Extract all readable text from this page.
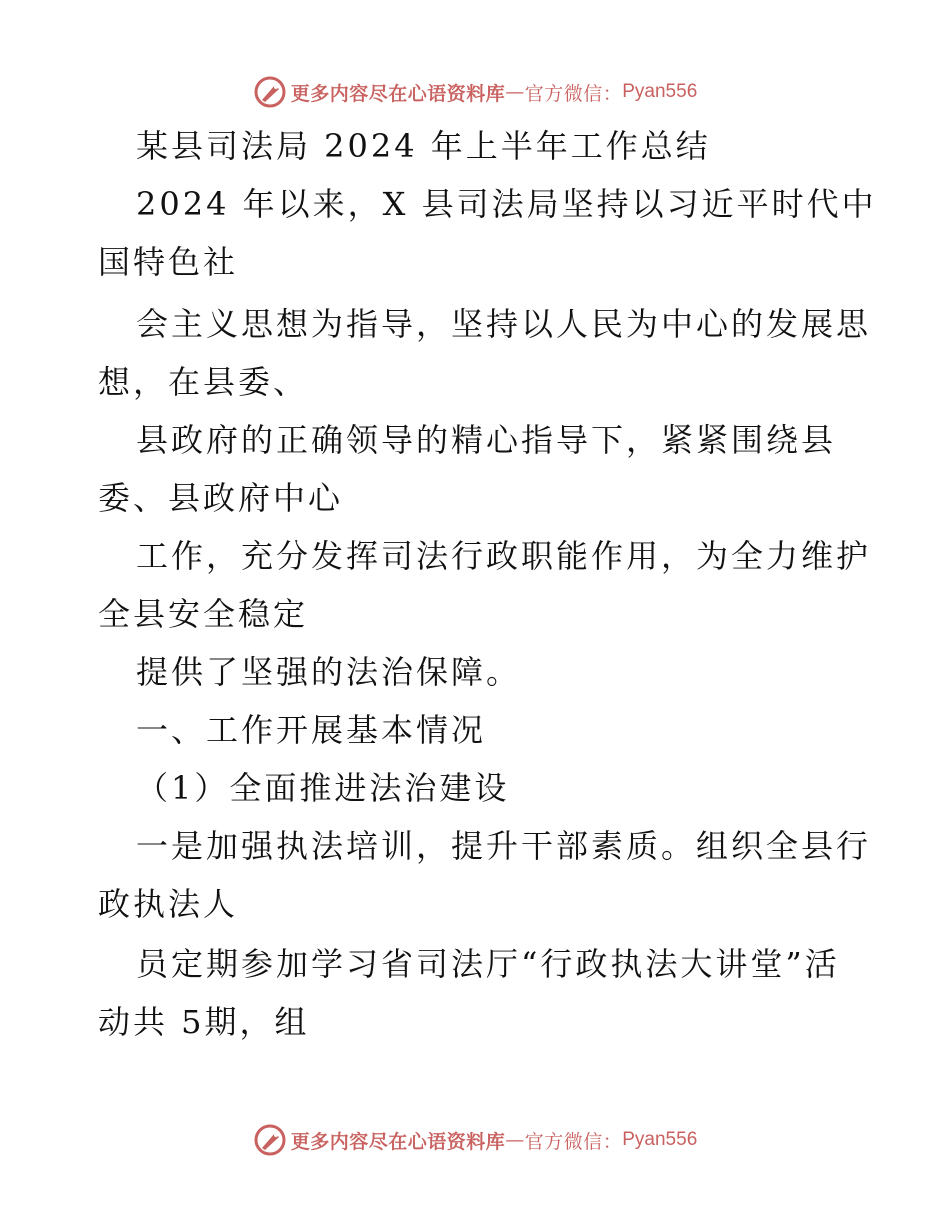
更多内容尽在心语资料库 — 官方微信： Pyan556
某县司法局 2024 年上半年工作总结
2024 年以来，X 县司法局坚持以习近平时代中
国特色社
会主义思想为指导，坚持以人民为中心的发展思
想，在县委、
县政府的正确领导的精心指导下，紧紧围绕县
委、县政府中心
工作，充分发挥司法行政职能作用，为全力维护
全县安全稳定
提供了坚强的法治保障。
一、工作开展基本情况
（1）全面推进法治建设
一是加强执法培训，提升干部素质。组织全县行
政执法人
员定期参加学习省司法厅“行政执法大讲堂”活
动共 5期，组
更多内容尽在心语资料库 — 官方微信： Pyan556
